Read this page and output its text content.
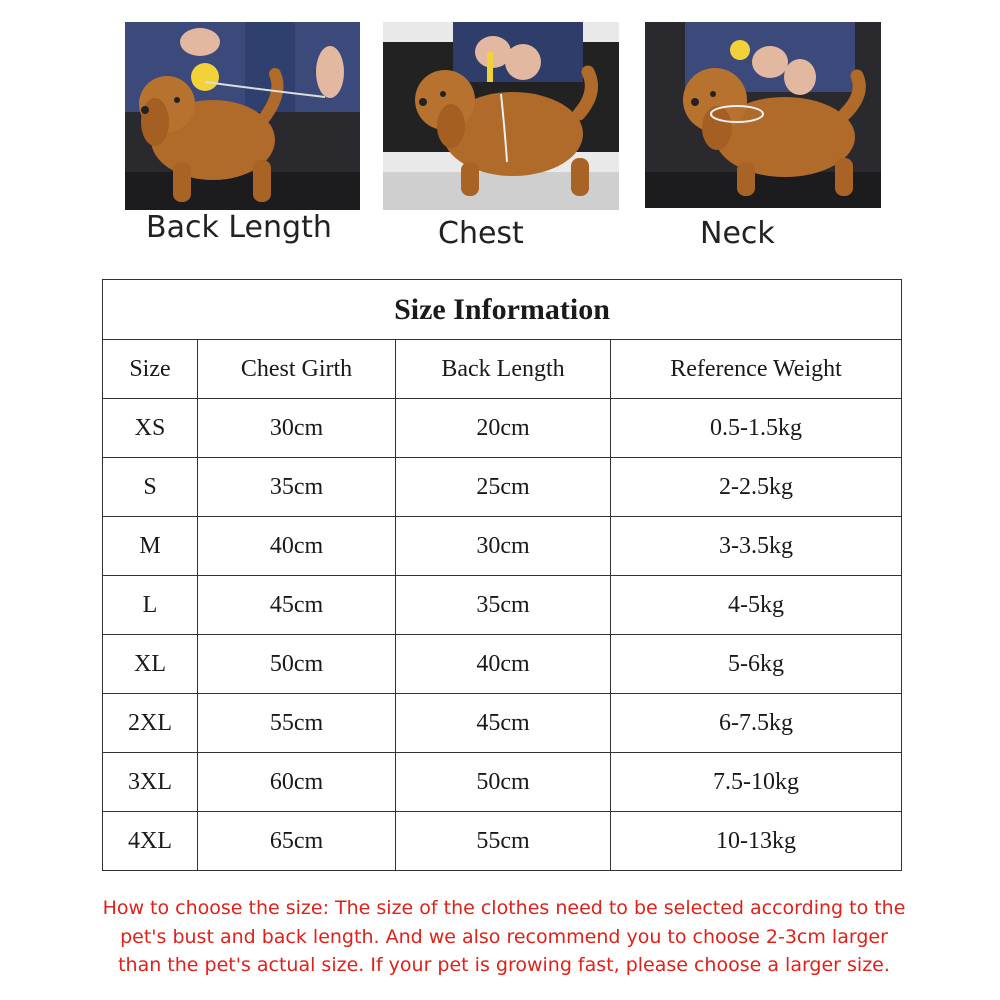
Back Length	Chest	Neck
Size Information			
Size	Chest Girth	Back Length	Reference Weight
XS	30cm	20cm	0.5-1.5kg
S	35cm	25cm	2-2.5kg
M	40cm	30cm	3-3.5kg
L	45cm	35cm	4-5kg
XL	50cm	40cm	5-6kg
2XL	55cm	45cm	6-7.5kg
3XL	60cm	50cm	7.5-10kg
4XL	65cm	55cm	10-13kg
How to choose the size: The size of the clothes need to be selected according to the
pet's bust and back length. And we also recommend you to choose 2-3cm larger
than the pet's actual size. If your pet is growing fast, please choose a larger size.
